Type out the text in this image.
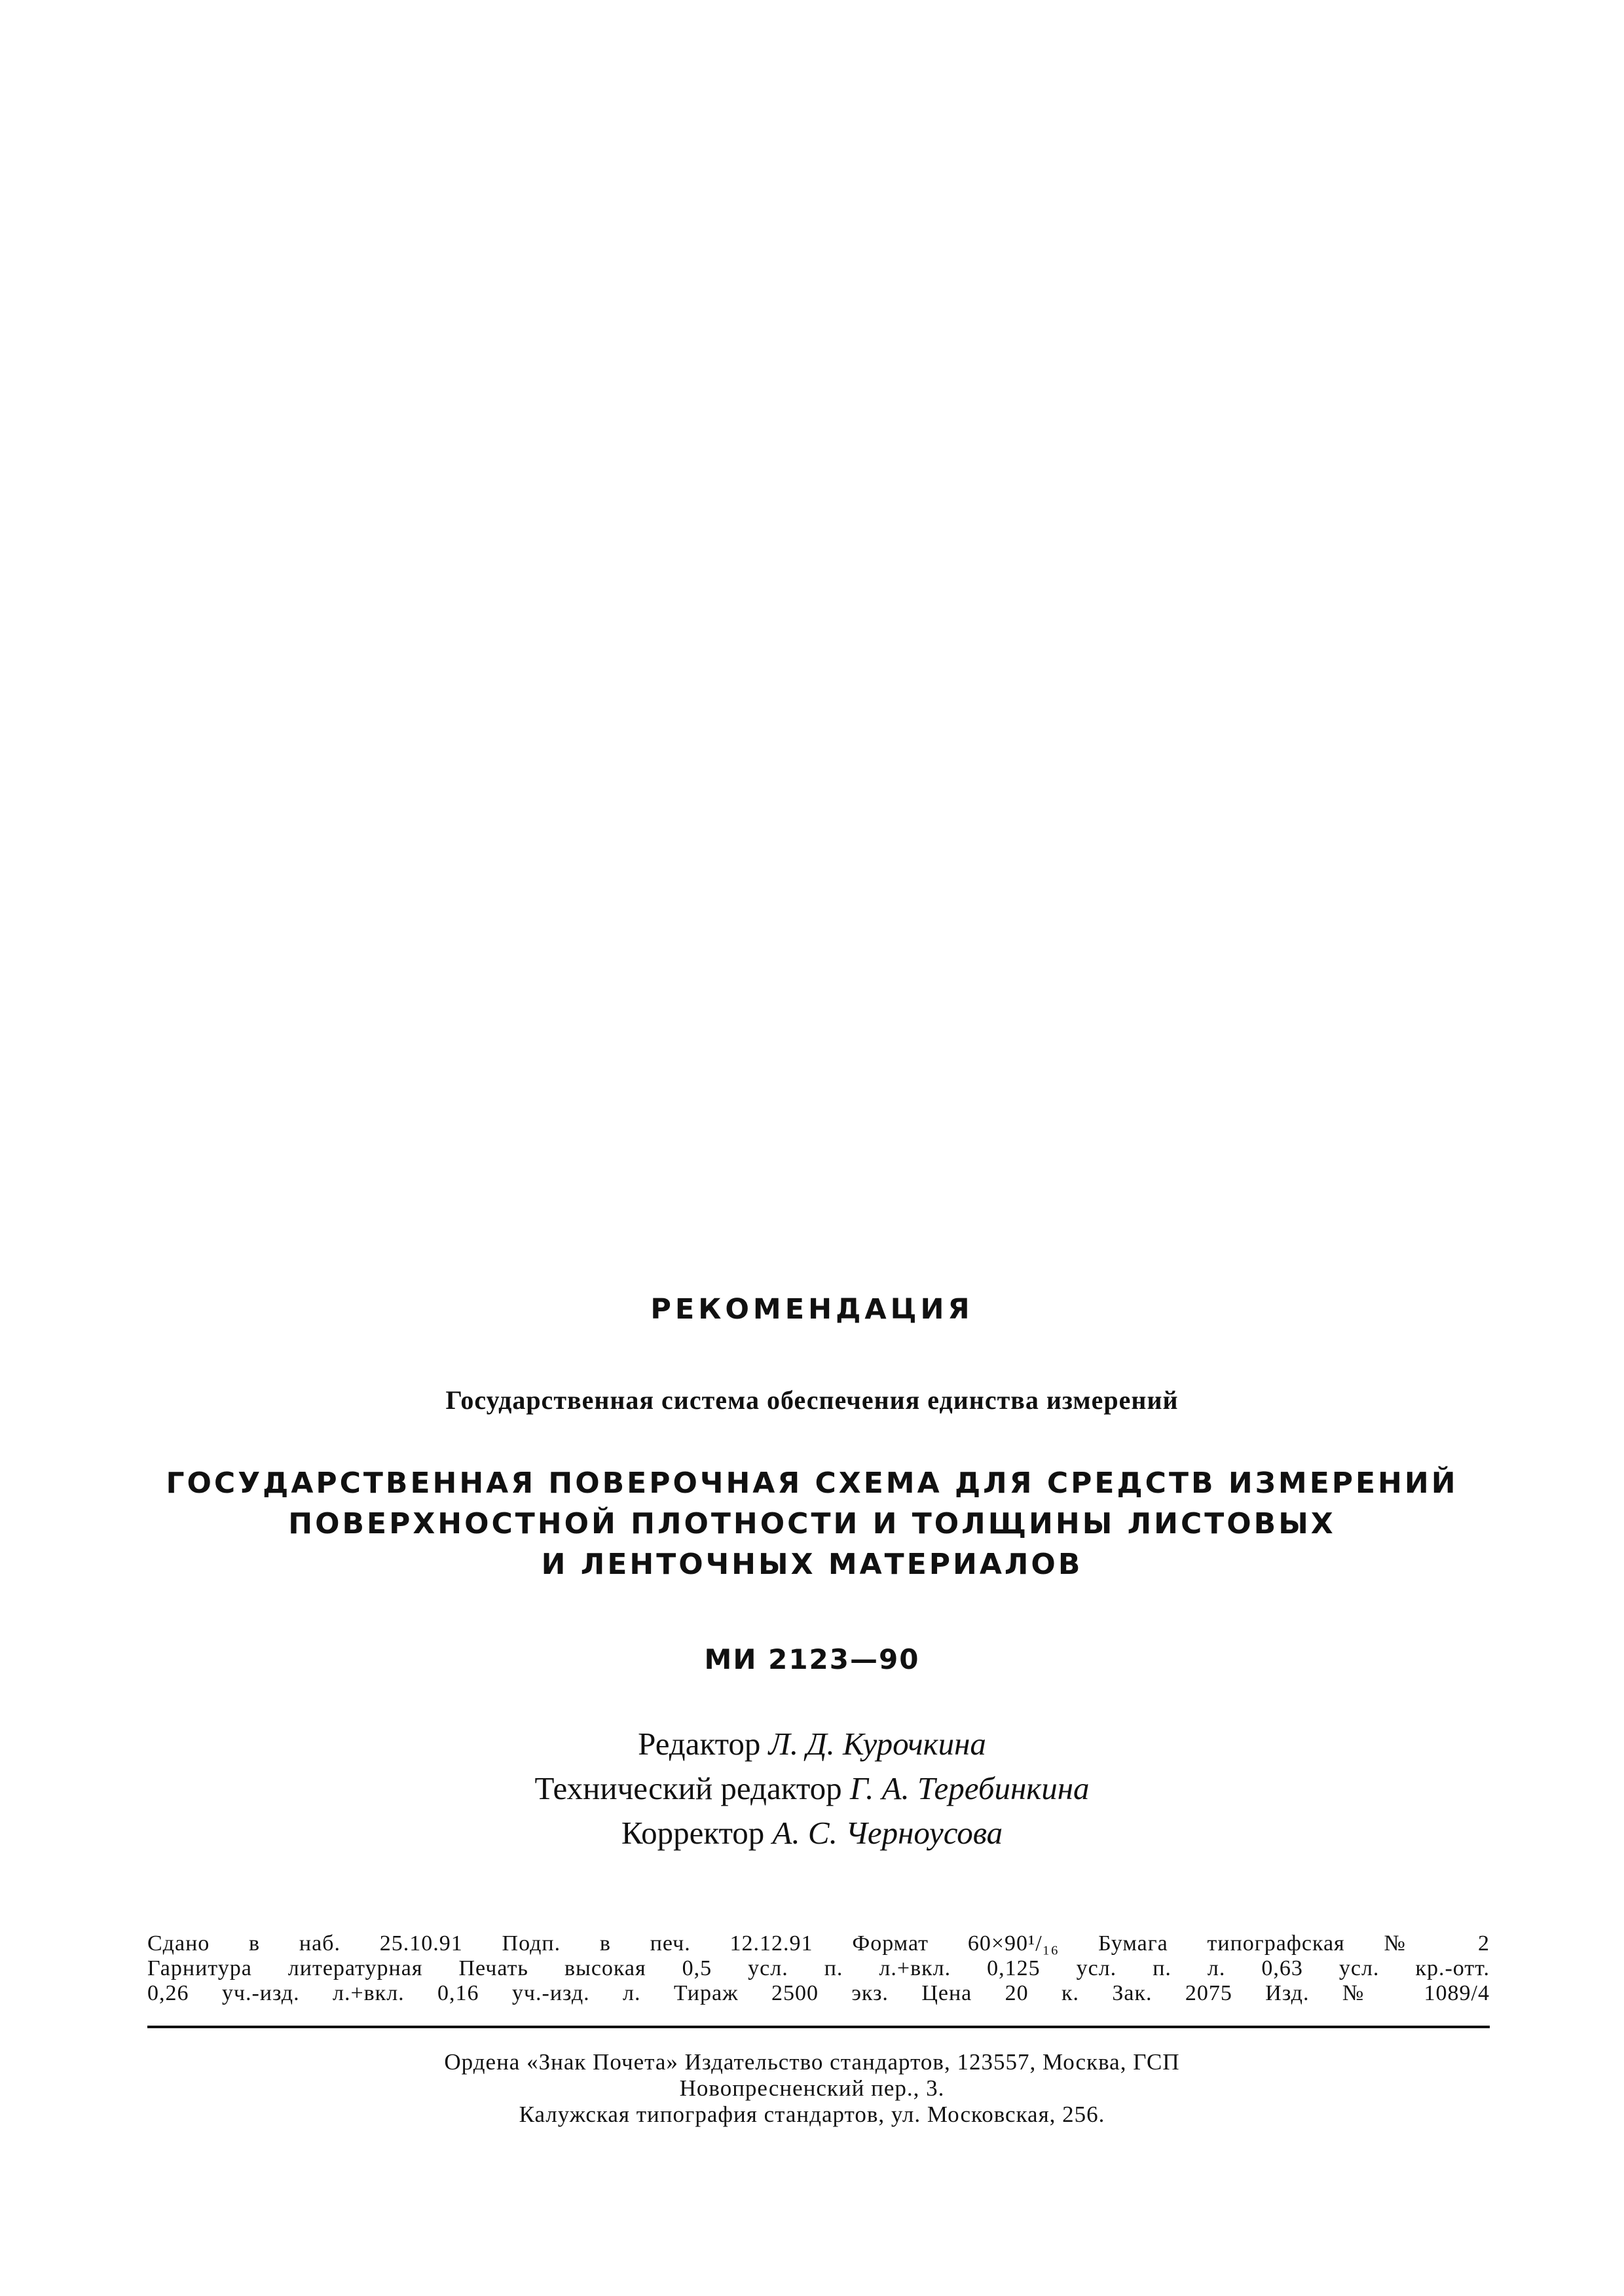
РЕКОМЕНДАЦИЯ
Государственная система обеспечения единства измерений
ГОСУДАРСТВЕННАЯ ПОВЕРОЧНАЯ СХЕМА ДЛЯ СРЕДСТВ ИЗМЕРЕНИЙ
ПОВЕРХНОСТНОЙ ПЛОТНОСТИ И ТОЛЩИНЫ ЛИСТОВЫХ
И ЛЕНТОЧНЫХ МАТЕРИАЛОВ
МИ 2123—90
Редактор Л. Д. Курочкина
Технический редактор Г. А. Теребинкина
Корректор А. С. Черноусова
Сдано в наб. 25.10.91 Подп. в печ. 12.12.91 Формат 60×90¹/₁₆ Бумага типографская № 2
Гарнитура литературная Печать высокая 0,5 усл. п. л.+вкл. 0,125 усл. п. л. 0,63 усл. кр.-отт.
0,26 уч.-изд. л.+вкл. 0,16 уч.-изд. л. Тираж 2500 экз. Цена 20 к. Зак. 2075 Изд. № 1089/4
Ордена «Знак Почета» Издательство стандартов, 123557, Москва, ГСП
Новопресненский пер., 3.
Калужская типография стандартов, ул. Московская, 256.
